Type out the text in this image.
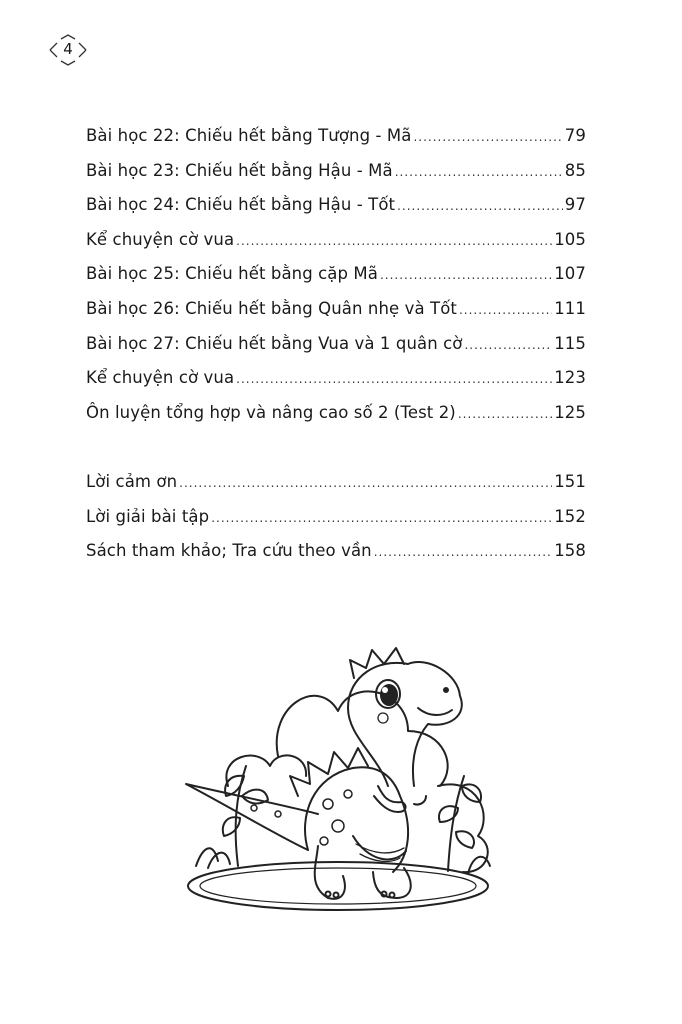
4
Bài học 22: Chiếu hết bằng Tượng - Mã .....	79
Bài học 23: Chiếu hết bằng Hậu - Mã .....	85
Bài học 24: Chiếu hết bằng Hậu - Tốt .....	97
Kể chuyện cờ vua .....	105
Bài học 25: Chiếu hết bằng cặp Mã .....	107
Bài học 26: Chiếu hết bằng Quân nhẹ và Tốt .....	111
Bài học 27: Chiếu hết bằng Vua và 1 quân cờ .....	115
Kể chuyện cờ vua .....	123
Ôn luyện tổng hợp và nâng cao số 2 (Test 2) .....	125
Lời cảm ơn .....	151
Lời giải bài tập .....	152
Sách tham khảo; Tra cứu theo vần .....	158
